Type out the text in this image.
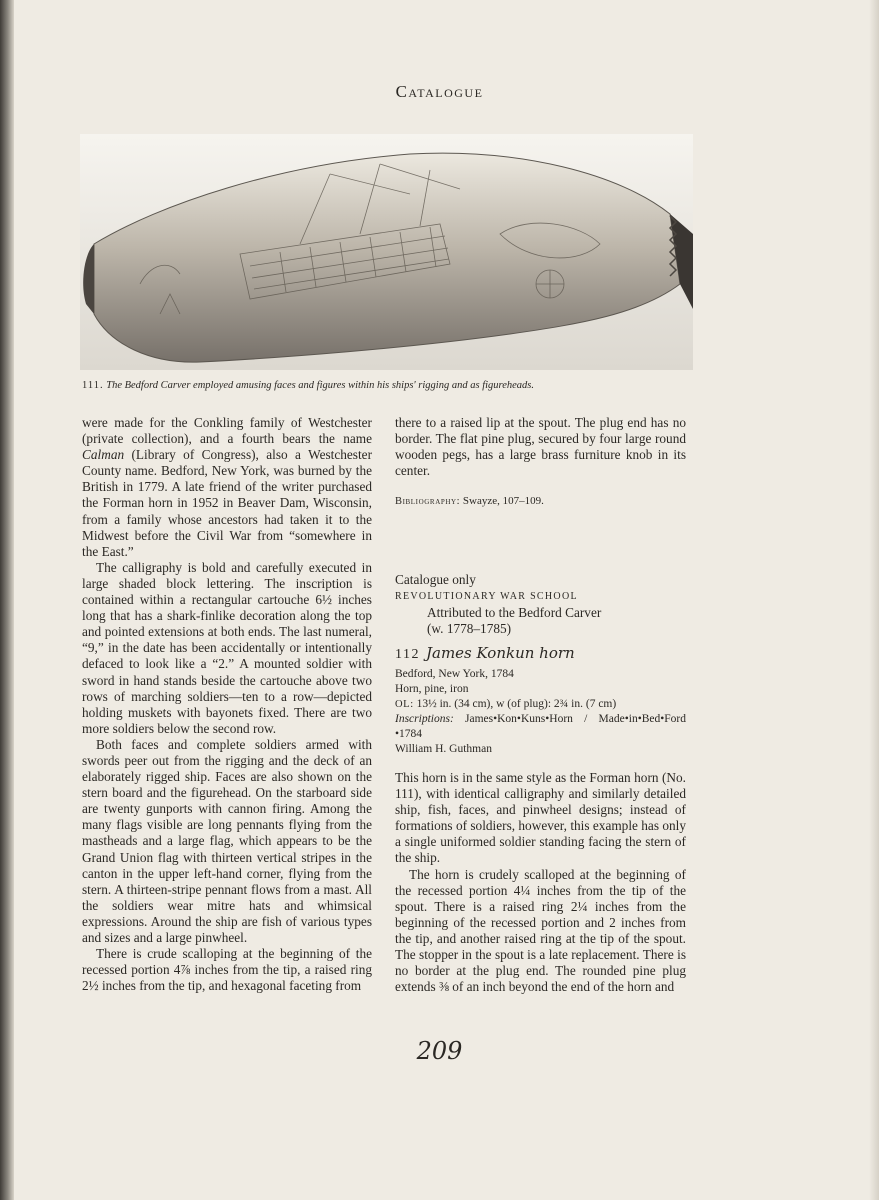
Catalogue
111. The Bedford Carver employed amusing faces and figures within his ships' rigging and as figureheads.

were made for the Conkling family of Westchester (private collection), and a fourth bears the name Calman (Library of Congress), also a Westchester County name. Bedford, New York, was burned by the British in 1779. A late friend of the writer purchased the Forman horn in 1952 in Beaver Dam, Wisconsin, from a family whose ancestors had taken it to the Midwest before the Civil War from “somewhere in the East.”

The calligraphy is bold and carefully executed in large shaded block lettering. The inscription is contained within a rectangular cartouche 6½ inches long that has a shark-finlike decoration along the top and pointed extensions at both ends. The last numeral, “9,” in the date has been accidentally or intentionally defaced to look like a “2.” A mounted soldier with sword in hand stands beside the cartouche above two rows of marching soldiers—ten to a row—depicted holding muskets with bayonets fixed. There are two more soldiers below the second row.

Both faces and complete soldiers armed with swords peer out from the rigging and the deck of an elaborately rigged ship. Faces are also shown on the stern board and the figurehead. On the starboard side are twenty gunports with cannon firing. Among the many flags visible are long pennants flying from the mastheads and a large flag, which appears to be the Grand Union flag with thirteen vertical stripes in the canton in the upper left-hand corner, flying from the stern. A thirteen-stripe pennant flows from a mast. All the soldiers wear mitre hats and whimsical expressions. Around the ship are fish of various types and sizes and a large pinwheel.

There is crude scalloping at the beginning of the recessed portion 4⅞ inches from the tip, a raised ring 2½ inches from the tip, and hexagonal faceting from

there to a raised lip at the spout. The plug end has no border. The flat pine plug, secured by four large round wooden pegs, has a large brass furniture knob in its center.

Bibliography: Swayze, 107–109.

Catalogue only

REVOLUTIONARY WAR SCHOOL

Attributed to the Bedford Carver

(w. 1778–1785)

112 James Konkun horn

Bedford, New York, 1784

Horn, pine, iron

OL: 13½ in. (34 cm), w (of plug): 2¾ in. (7 cm)

Inscriptions: James•Kon•Kuns•Horn / Made•in•Bed•Ford •1784

William H. Guthman

This horn is in the same style as the Forman horn (No. 111), with identical calligraphy and similarly detailed ship, fish, faces, and pinwheel designs; instead of formations of soldiers, however, this example has only a single uniformed soldier standing facing the stern of the ship.

The horn is crudely scalloped at the beginning of the recessed portion 4¼ inches from the tip of the spout. There is a raised ring 2¼ inches from the beginning of the recessed portion and 2 inches from the tip, and another raised ring at the tip of the spout. The stopper in the spout is a late replacement. There is no border at the plug end. The rounded pine plug extends ⅜ of an inch beyond the end of the horn and

209
